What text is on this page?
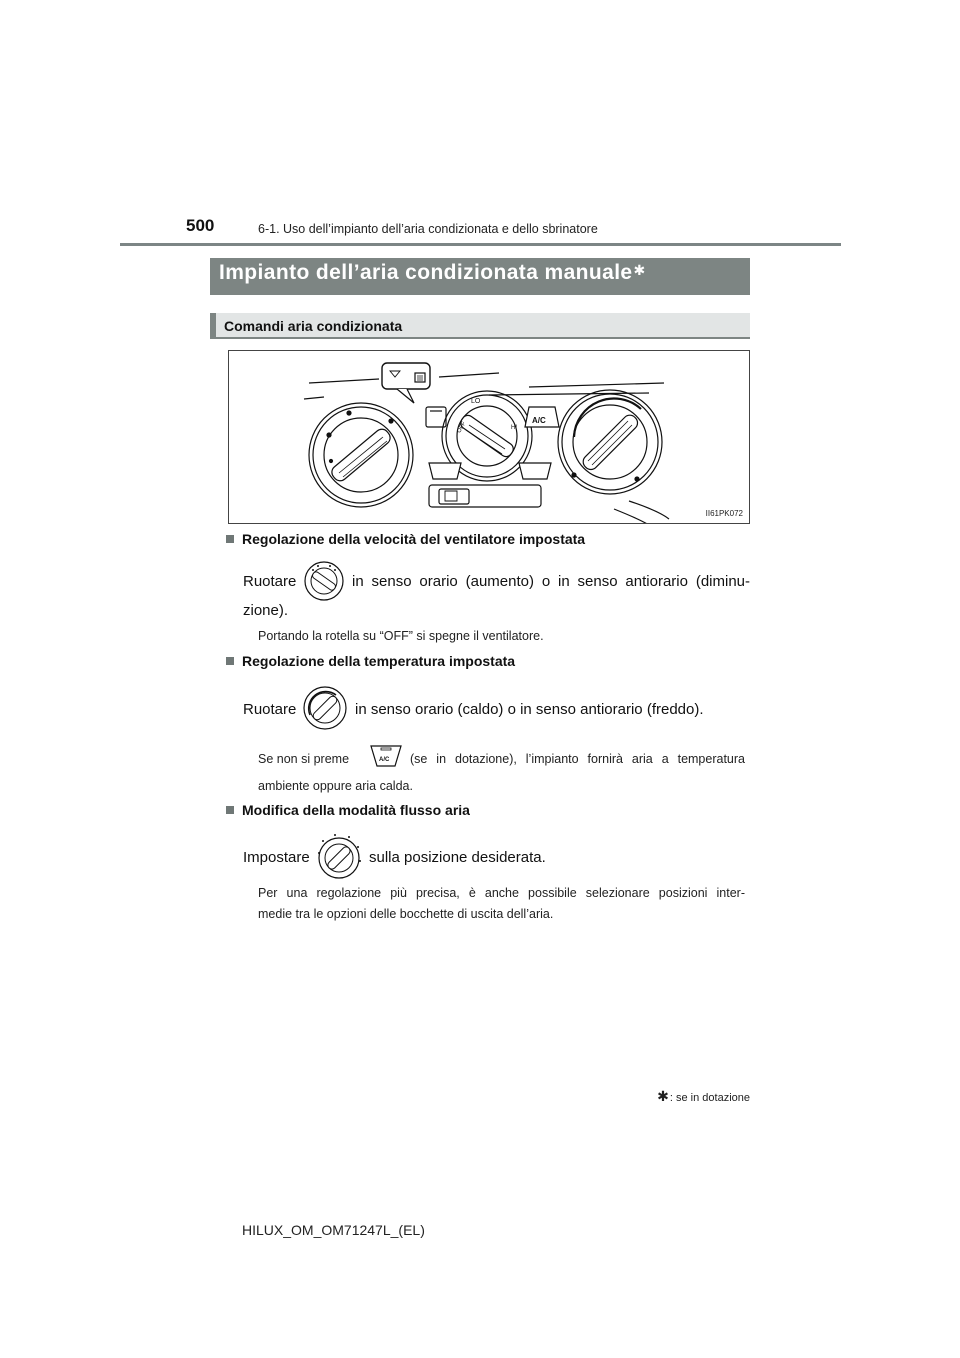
500	6-1. Uso dell’impianto dell’aria condizionata e dello sbrinatore
Impianto dell’aria condizionata manuale✱
Comandi aria condizionata
LO
HI
OFF
A/C
II61PK072
Regolazione della velocità del ventilatore impostata
Ruotare	in senso orario (aumento) o in senso antiorario (diminu-
zione).
Portando la rotella su “OFF” si spegne il ventilatore.
Regolazione della temperatura impostata
Ruotare	in senso orario (caldo) o in senso antiorario (freddo).
Se non si preme	A/C (se in dotazione), l’impianto fornirà aria a temperatura
ambiente oppure aria calda.
Modifica della modalità flusso aria
Impostare	sulla posizione desiderata.
Per una regolazione più precisa, è anche possibile selezionare posizioni inter-
medie tra le opzioni delle bocchette di uscita dell’aria.
✱: se in dotazione
HILUX_OM_OM71247L_(EL)
